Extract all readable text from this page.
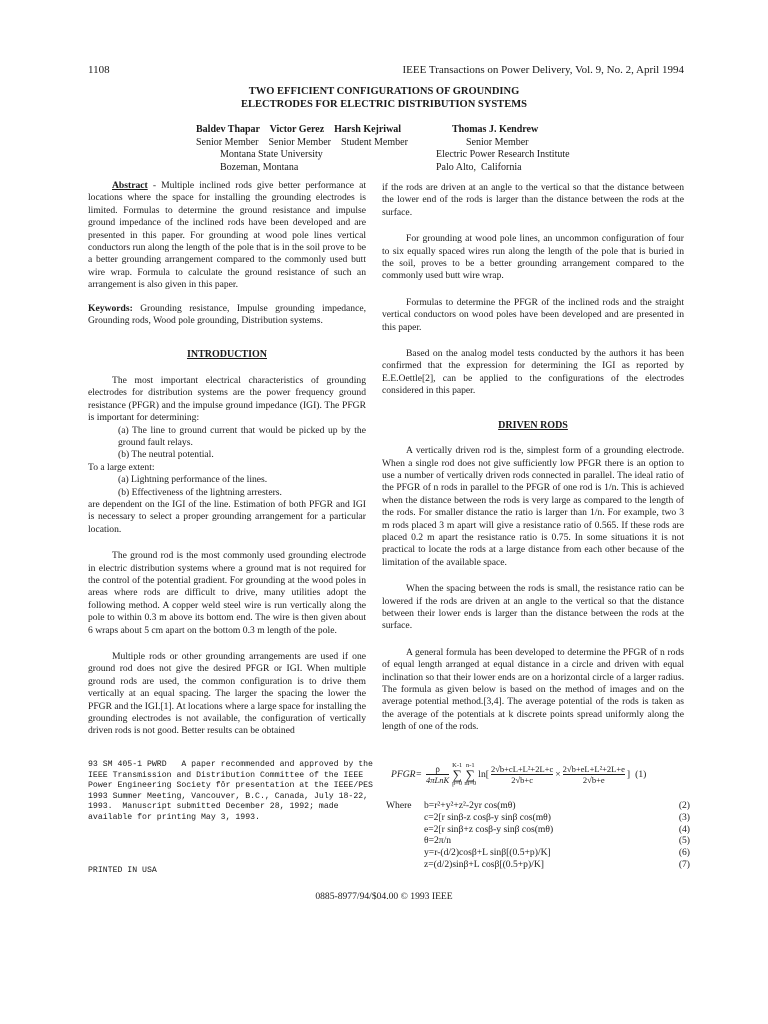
1108	IEEE Transactions on Power Delivery, Vol. 9, No. 2, April 1994
TWO EFFICIENT CONFIGURATIONS OF GROUNDING
ELECTRODES FOR ELECTRIC DISTRIBUTION SYSTEMS
Baldev Thapar    Victor Gerez    Harsh Kejriwal
Senior Member    Senior Member    Student Member
Montana State University
Bozeman, Montana
Thomas J. Kendrew
Senior Member
Electric Power Research Institute
Palo Alto,  California

Abstract - Multiple inclined rods give better performance at locations where the space for installing the grounding electrodes is limited. Formulas to determine the ground resistance and impulse ground impedance of the inclined rods have been developed and are presented in this paper. For grounding at wood pole lines vertical conductors run along the length of the pole that is in the soil prove to be a better grounding arrangement compared to the commonly used butt wire wrap. Formula to calculate the ground resistance of such an arrangement is also given in this paper.

Keywords: Grounding resistance, Impulse grounding impedance, Grounding rods, Wood pole grounding, Distribution systems.

INTRODUCTION

The most important electrical characteristics of grounding electrodes for distribution systems are the power frequency ground resistance (PFGR) and the impulse ground impedance (IGI). The PFGR is important for determining:

(a) The line to ground current that would be picked up by the ground fault relays.
(b) The neutral potential.
To a large extent:
(a) Lightning performance of the lines.
(b) Effectiveness of the lightning arresters.

are dependent on the IGI of the line. Estimation of both PFGR and IGI is necessary to select a proper grounding arrangement for a particular location.

The ground rod is the most commonly used grounding electrode in electric distribution systems where a ground mat is not required for the control of the potential gradient. For grounding at the wood poles in areas where rods are difficult to drive, many utilities adopt the following method. A copper weld steel wire is run vertically along the pole to within 0.3 m above its bottom end. The wire is then given about 6 wraps about 5 cm apart on the bottom 0.3 m length of the pole.

Multiple rods or other grounding arrangements are used if one ground rod does not give the desired PFGR or IGI. When multiple ground rods are used, the common configuration is to drive them vertically at an equal spacing. The larger the spacing the lower the PFGR and the IGI.[1]. At locations where a large space for installing the grounding electrodes is not available, the configuration of vertically driven rods is not good. Better results can be obtained

if the rods are driven at an angle to the vertical so that the distance between the lower end of the rods is larger than the distance between the rods at the surface.

For grounding at wood pole lines, an uncommon configuration of four to six equally spaced wires run along the length of the pole that is buried in the soil, proves to be a better grounding arrangement compared to the commonly used butt wire wrap.

Formulas to determine the PFGR of the inclined rods and the straight vertical conductors on wood poles have been developed and are presented in this paper.

Based on the analog model tests conducted by the authors it has been confirmed that the expression for determining the IGI as reported by E.E.Oettle[2], can be applied to the configurations of the electrodes considered in this paper.

DRIVEN RODS

A vertically driven rod is the, simplest form of a grounding electrode. When a single rod does not give sufficiently low PFGR there is an option to use a number of vertically driven rods connected in parallel. The ideal ratio of the PFGR of n rods in parallel to the PFGR of one rod is 1/n. This is achieved when the distance between the rods is very large as compared to the length of the rods. For smaller distance the ratio is larger than 1/n. For example, two 3 m rods placed 3 m apart will give a resistance ratio of 0.565. If these rods are placed 0.2 m apart the resistance ratio is 0.75. In some situations it is not practical to locate the rods at a large distance from each other because of the limitation of the available space.

When the spacing between the rods is small, the resistance ratio can be lowered if the rods are driven at an angle to the vertical so that the distance between their lower ends is larger than the distance between the rods at the surface.

A general formula has been developed to determine the PFGR of n rods of equal length arranged at equal distance in a circle and driven with equal inclination so that their lower ends are on a horizontal circle of a larger radius. The formula as given below is based on the method of images and on the average potential method.[3,4]. The average potential of the rods is taken as the average of the potentials at k discrete points spread uniformly along the length of one of the rods.

93 SM 405-1 PWRD   A paper recommended and approved by the IEEE Transmission and Distribution Committee of the IEEE Power Engineering Society fŏr presentation at the IEEE/PES 1993 Summer Meeting, Vancouver, B.C., Canada, July 18-22, 1993.  Manuscript submitted December 28, 1992; made available for printing May 3, 1993.
PRINTED IN USA
PFGR=	ρ
4πLnK

K-1
∑
p=0

n-1
∑
m=0
	ln[	2√b+cL+L²+2L+c
2√b+c	×	2√b+eL+L²+2L+e
2√b+e	]	(1)
Where b=r²+y²+z²-2yr cos(mθ)	(2)
c=2[r sinβ-z cosβ-y sinβ cos(mθ)	(3)
e=2[r sinβ+z cosβ-y sinβ cos(mθ)	(4)
θ=2π/n	(5)
y=r-(d/2)cosβ+L sinβ[(0.5+p)/K]	(6)
z=(d/2)sinβ+L cosβ[(0.5+p)/K]	(7)
0885-8977/94/$04.00 © 1993 IEEE
